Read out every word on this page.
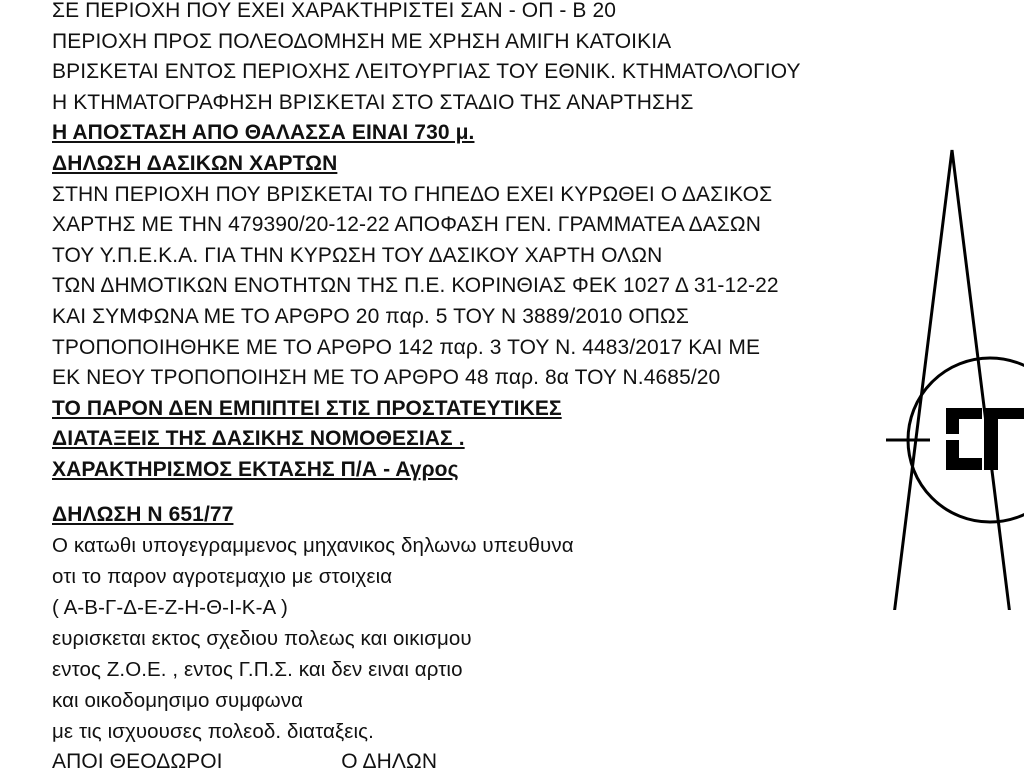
ΣΕ ΠΕΡΙΟΧΗ ΠΟΥ ΕΧΕΙ ΧΑΡΑΚΤΗΡΙΣΤΕΙ ΣΑΝ - ΟΠ - Β 20
ΠΕΡΙΟΧΗ ΠΡΟΣ ΠΟΛΕΟΔΟΜΗΣΗ ΜΕ ΧΡΗΣΗ ΑΜΙΓΗ ΚΑΤΟΙΚΙΑ
ΒΡΙΣΚΕΤΑΙ ΕΝΤΟΣ ΠΕΡΙΟΧΗΣ ΛΕΙΤΟΥΡΓΙΑΣ ΤΟΥ ΕΘΝΙΚ. ΚΤΗΜΑΤΟΛΟΓΙΟΥ
Η ΚΤΗΜΑΤΟΓΡΑΦΗΣΗ ΒΡΙΣΚΕΤΑΙ ΣΤΟ ΣΤΑΔΙΟ ΤΗΣ ΑΝΑΡΤΗΣΗΣ
Η ΑΠΟΣΤΑΣΗ ΑΠΟ ΘΑΛΑΣΣΑ ΕΙΝΑΙ 730 μ.
ΔΗΛΩΣΗ ΔΑΣΙΚΩΝ ΧΑΡΤΩΝ
ΣΤΗΝ ΠΕΡΙΟΧΗ ΠΟΥ ΒΡΙΣΚΕΤΑΙ ΤΟ ΓΗΠΕΔΟ ΕΧΕΙ ΚΥΡΩΘΕΙ Ο ΔΑΣΙΚΟΣ
ΧΑΡΤΗΣ ΜΕ ΤΗΝ 479390/20-12-22 ΑΠΟΦΑΣΗ ΓΕΝ. ΓΡΑΜΜΑΤΕΑ ΔΑΣΩΝ
ΤΟΥ Υ.Π.Ε.Κ.Α. ΓΙΑ ΤΗΝ ΚΥΡΩΣΗ ΤΟΥ ΔΑΣΙΚΟΥ ΧΑΡΤΗ ΟΛΩΝ
ΤΩΝ ΔΗΜΟΤΙΚΩΝ ΕΝΟΤΗΤΩΝ ΤΗΣ Π.Ε. ΚΟΡΙΝΘΙΑΣ ΦΕΚ 1027 Δ 31-12-22
ΚΑΙ ΣΥΜΦΩΝΑ ΜΕ ΤΟ ΑΡΘΡΟ 20 παρ. 5 ΤΟΥ Ν 3889/2010 ΟΠΩΣ
ΤΡΟΠΟΠΟΙΗΘΗΚΕ ΜΕ ΤΟ ΑΡΘΡΟ 142 παρ. 3 ΤΟΥ Ν. 4483/2017 ΚΑΙ ΜΕ
ΕΚ ΝΕΟΥ ΤΡΟΠΟΠΟΙΗΣΗ ΜΕ ΤΟ ΑΡΘΡΟ 48 παρ. 8α ΤΟΥ Ν.4685/20
ΤΟ ΠΑΡΟΝ ΔΕΝ ΕΜΠΙΠΤΕΙ ΣΤΙΣ ΠΡΟΣΤΑΤΕΥΤΙΚΕΣ
ΔΙΑΤΑΞΕΙΣ ΤΗΣ ΔΑΣΙΚΗΣ ΝΟΜΟΘΕΣΙΑΣ .
ΧΑΡΑΚΤΗΡΙΣΜΟΣ ΕΚΤΑΣΗΣ Π/Α - Αγρος
ΔΗΛΩΣΗ Ν 651/77
Ο κατωθι υπογεγραμμενος μηχανικος δηλωνω υπευθυνα
οτι το παρον αγροτεμαχιο με στοιχεια
( Α-Β-Γ-Δ-Ε-Ζ-Η-Θ-Ι-Κ-Α )
ευρισκεται εκτος σχεδιου πολεως και οικισμου
εντος Ζ.Ο.Ε. , εντος Γ.Π.Σ. και δεν ειναι αρτιο
και οικοδομησιμο συμφωνα
με τις ισχυουσες πολεοδ. διαταξεις.
ΑΠΟΙ ΘΕΟΔΩΡΟΙ                    Ο ΔΗΛΩΝ
